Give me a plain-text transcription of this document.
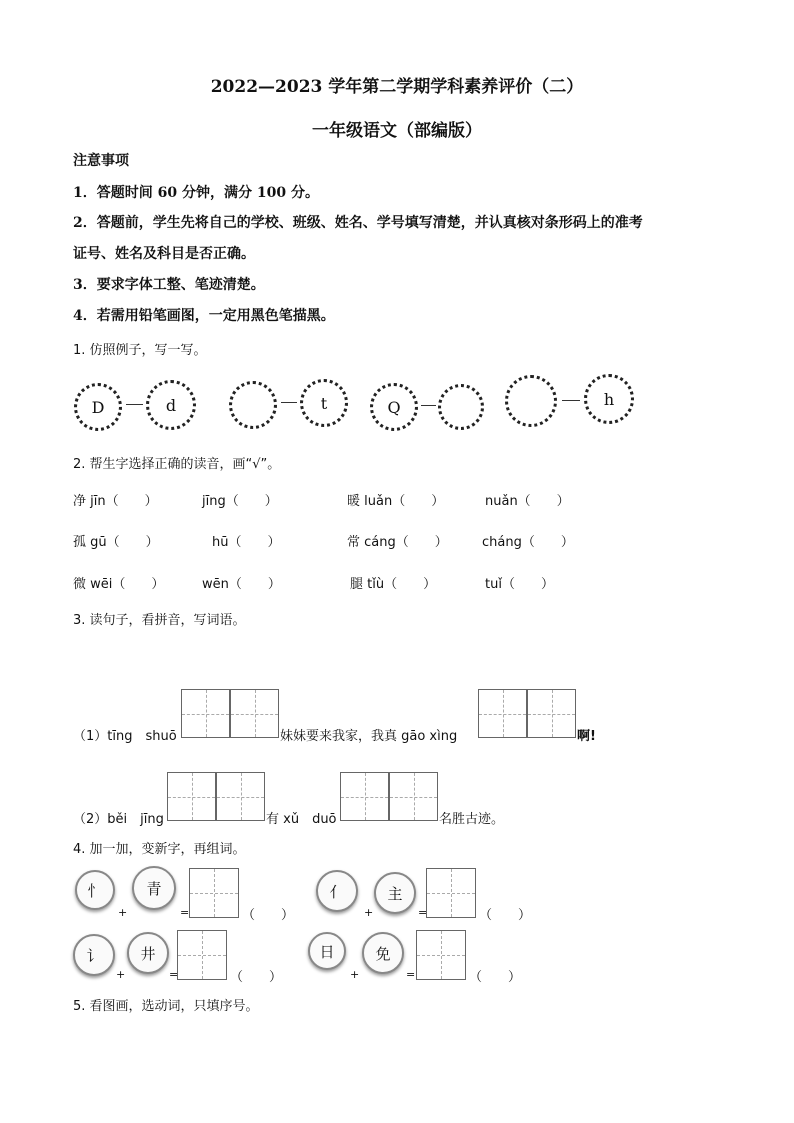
2022—2023 学年第二学期学科素养评价（二）
一年级语文（部编版）
注意事项
1．答题时间 60 分钟，满分 100 分。
2．答题前，学生先将自己的学校、班级、姓名、学号填写清楚，并认真核对条形码上的准考
证号、姓名及科目是否正确。
3．要求字体工整、笔迹清楚。
4．若需用铅笔画图，一定用黑色笔描黑。
1. 仿照例子，写一写。
D	d	t	Q	h
2. 帮生字选择正确的读音，画“√”。
净 jīn（　　）	jīng（　　）	暖 luǎn（　　）	nuǎn（　　）
孤 gū（　　）	hū（　　）	常 cáng（　　）	cháng（　　）
微 wēi（　　）	wēn（　　）	腿 tǐù（　　）	tuǐ（　　）
3. 读句子，看拼音，写词语。
（1）tīng　shuō	妹妹要来我家，我真 gāo xìng	啊!
（2）běi　jīng	有 xǔ　duō	名胜古迹。
4. 加一加，变新字，再组词。
忄
+
青
=	（　　）
亻
+
主
=	（　　）
讠
+
井
=	（　　）
日
+
免
=	（　　）
5. 看图画，选动词，只填序号。
